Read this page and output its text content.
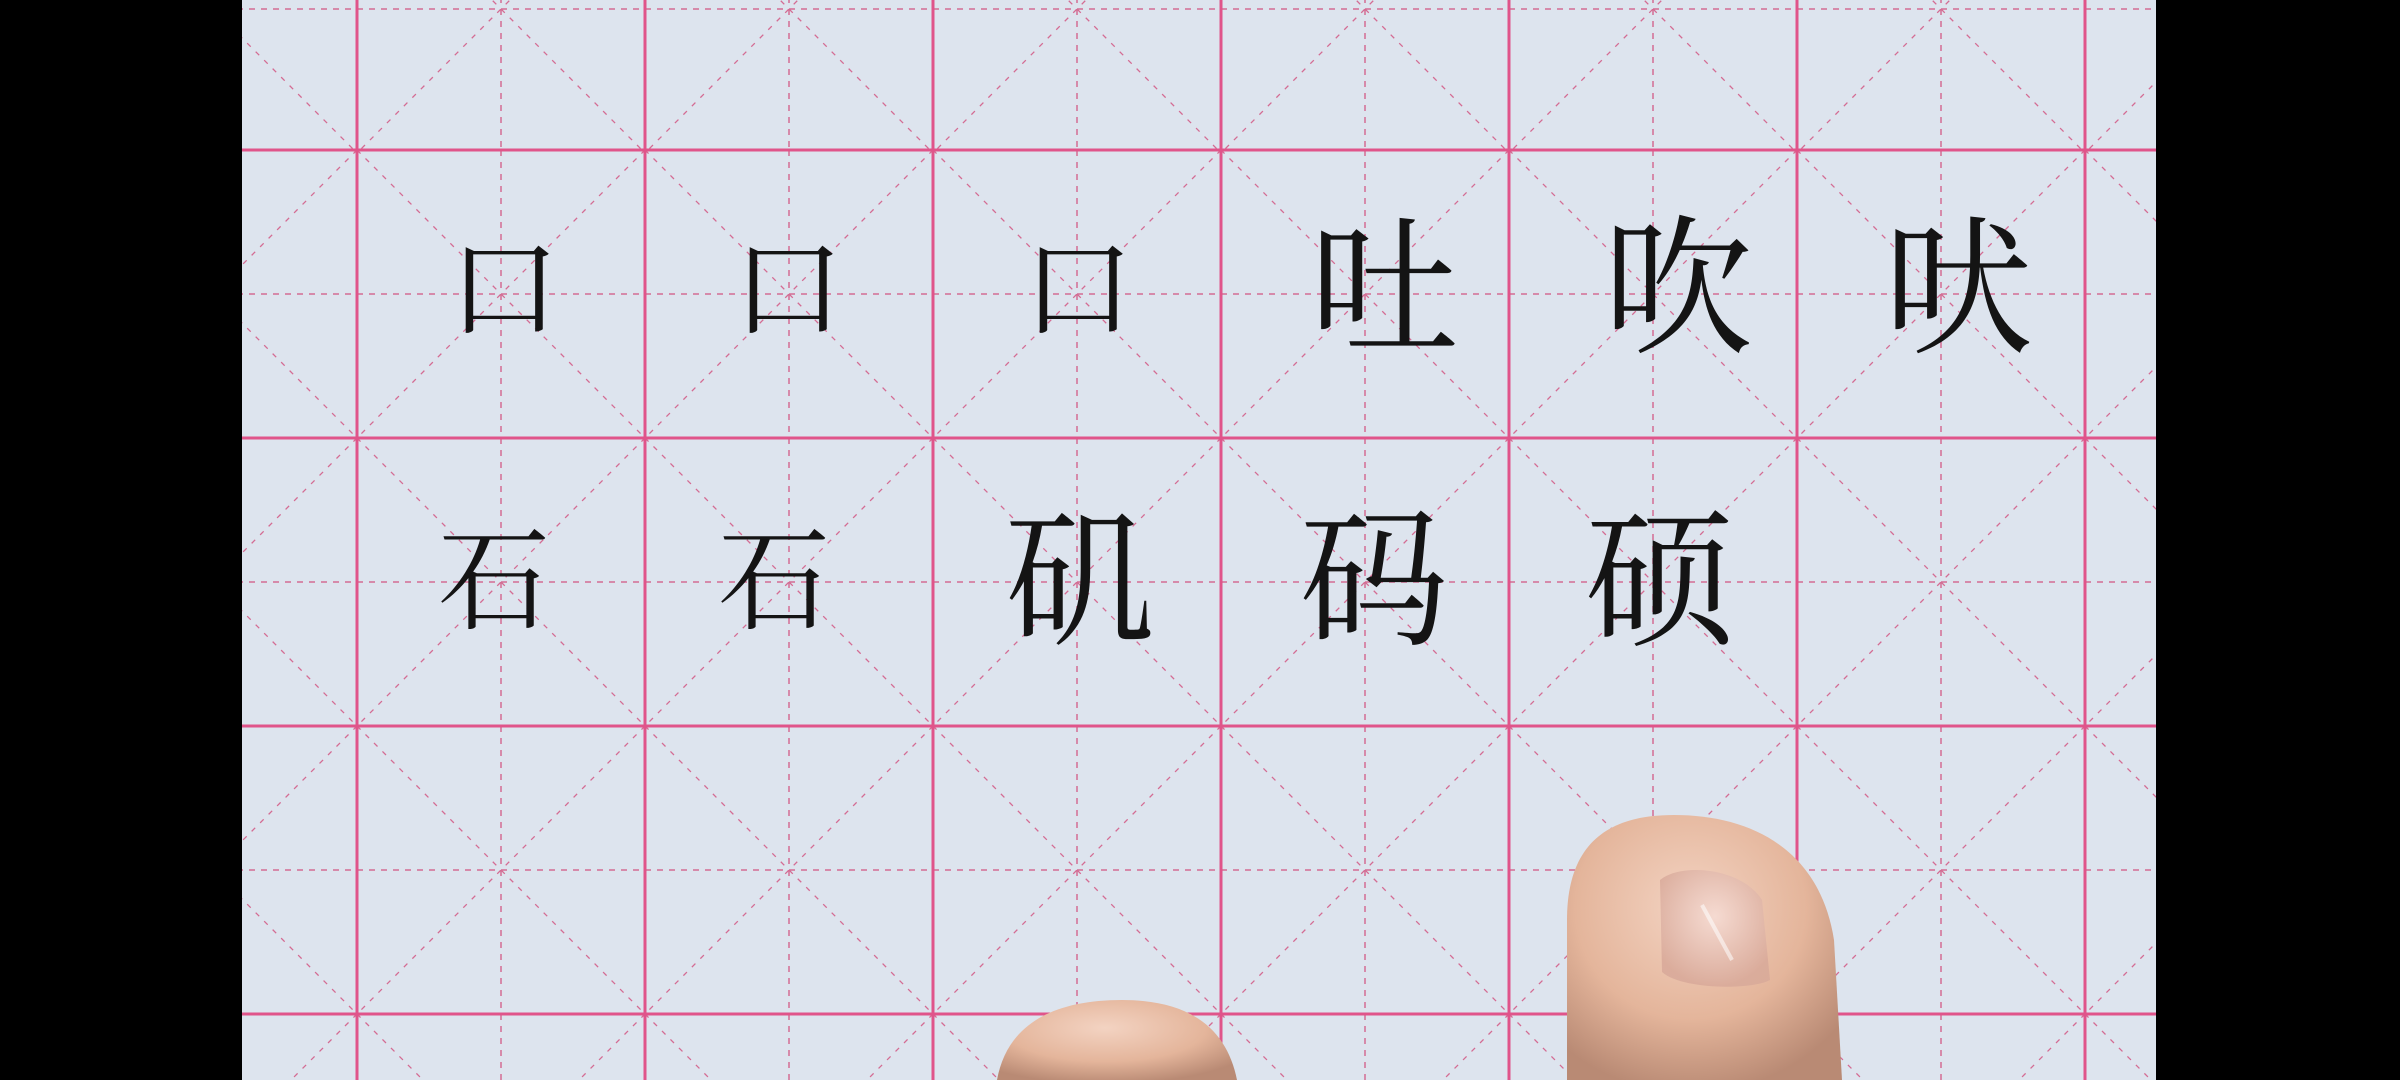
口	口	口 吐 吹 吠
石	石 矶 码 硕
